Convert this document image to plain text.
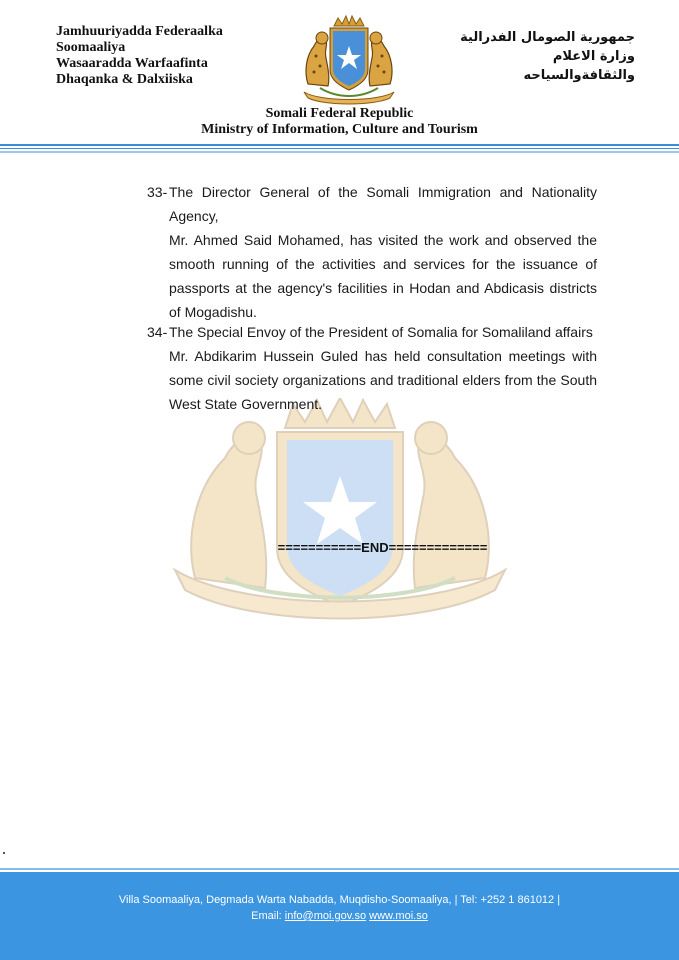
Jamhuuriyadda Federaalka
Soomaaliya
Wasaaradda Warfaafinta
Dhaqanka & Dalxiiska
جمهورية الصومال الفدرالية
وزارة الاعلام
والثقافةوالسياحه
Somali Federal Republic
Ministry of Information, Culture and Tourism
33- The Director General of the Somali Immigration and Nationality Agency,
Mr. Ahmed Said Mohamed, has visited the work and observed the smooth running of the activities and services for the issuance of passports at the agency's facilities in Hodan and Abdicasis districts of Mogadishu.
34- The Special Envoy of the President of Somalia for Somaliland affairs
Mr. Abdikarim Hussein Guled has held consultation meetings with some civil society organizations and traditional elders from the South West State Government.
===========END=============
Villa Soomaaliya, Degmada Warta Nabadda, Muqdisho-Soomaaliya, | Tel: +252 1 861012 |
Email: info@moi.gov.so www.moi.so
